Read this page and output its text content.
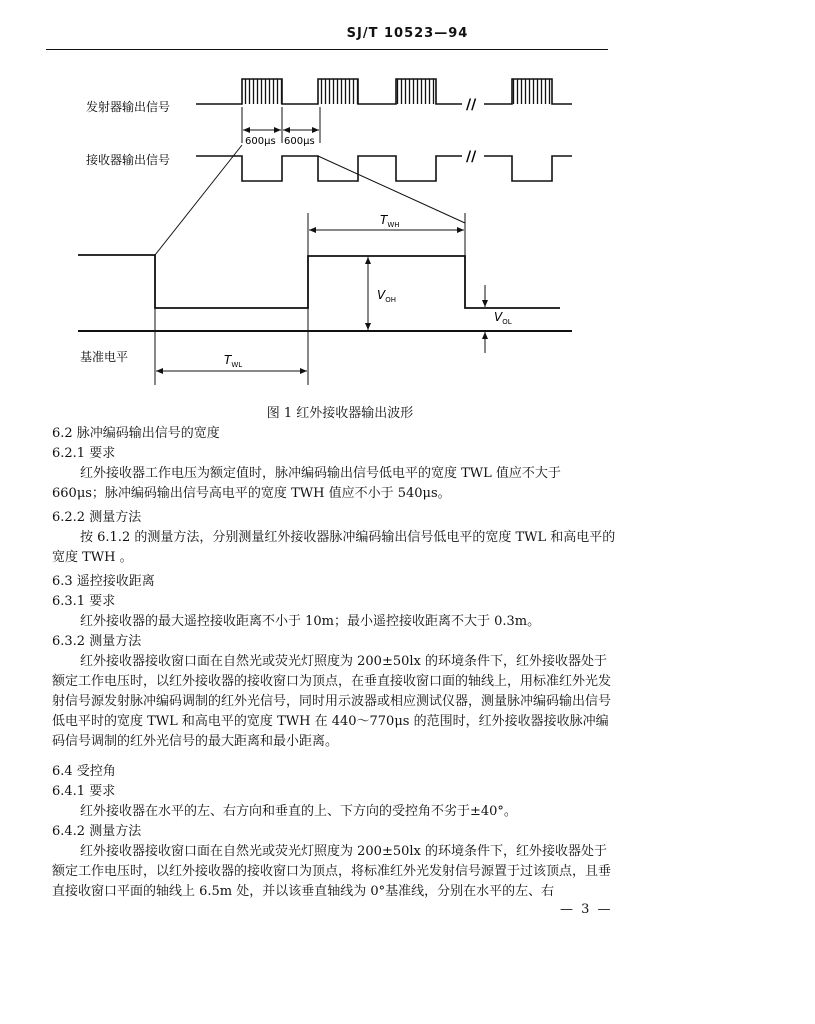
SJ/T 10523—94
发射器输出信号	//
600μs 600μs
接收器输出信号	//
基准电平
$T_{WH}$
$V_{OH}$
$V_{OL}$
$T_{WL}$
图 1 红外接收器输出波形
6.2 脉冲编码输出信号的宽度
6.2.1 要求
红外接收器工作电压为额定值时，脉冲编码输出信号低电平的宽度 TWL 值应不大于 660μs；脉冲编码输出信号高电平的宽度 TWH 值应不小于 540μs。
6.2.2 测量方法
按 6.1.2 的测量方法，分别测量红外接收器脉冲编码输出信号低电平的宽度 TWL 和高电平的宽度 TWH 。
6.3 遥控接收距离
6.3.1 要求
红外接收器的最大遥控接收距离不小于 10m；最小遥控接收距离不大于 0.3m。
6.3.2 测量方法
红外接收器接收窗口面在自然光或荧光灯照度为 200±50lx 的环境条件下，红外接收器处于额定工作电压时，以红外接收器的接收窗口为顶点，在垂直接收窗口面的轴线上，用标准红外光发射信号源发射脉冲编码调制的红外光信号，同时用示波器或相应测试仪器，测量脉冲编码输出信号低电平时的宽度 TWL 和高电平的宽度 TWH 在 440～770μs 的范围时，红外接收器接收脉冲编码信号调制的红外光信号的最大距离和最小距离。
6.4 受控角
6.4.1 要求
红外接收器在水平的左、右方向和垂直的上、下方向的受控角不劣于±40°。
6.4.2 测量方法
红外接收器接收窗口面在自然光或荧光灯照度为 200±50lx 的环境条件下，红外接收器处于额定工作电压时，以红外接收器的接收窗口为顶点，将标准红外光发射信号源置于过该顶点，且垂直接收窗口平面的轴线上 6.5m 处，并以该垂直轴线为 0°基准线，分别在水平的左、右
— 3 —
